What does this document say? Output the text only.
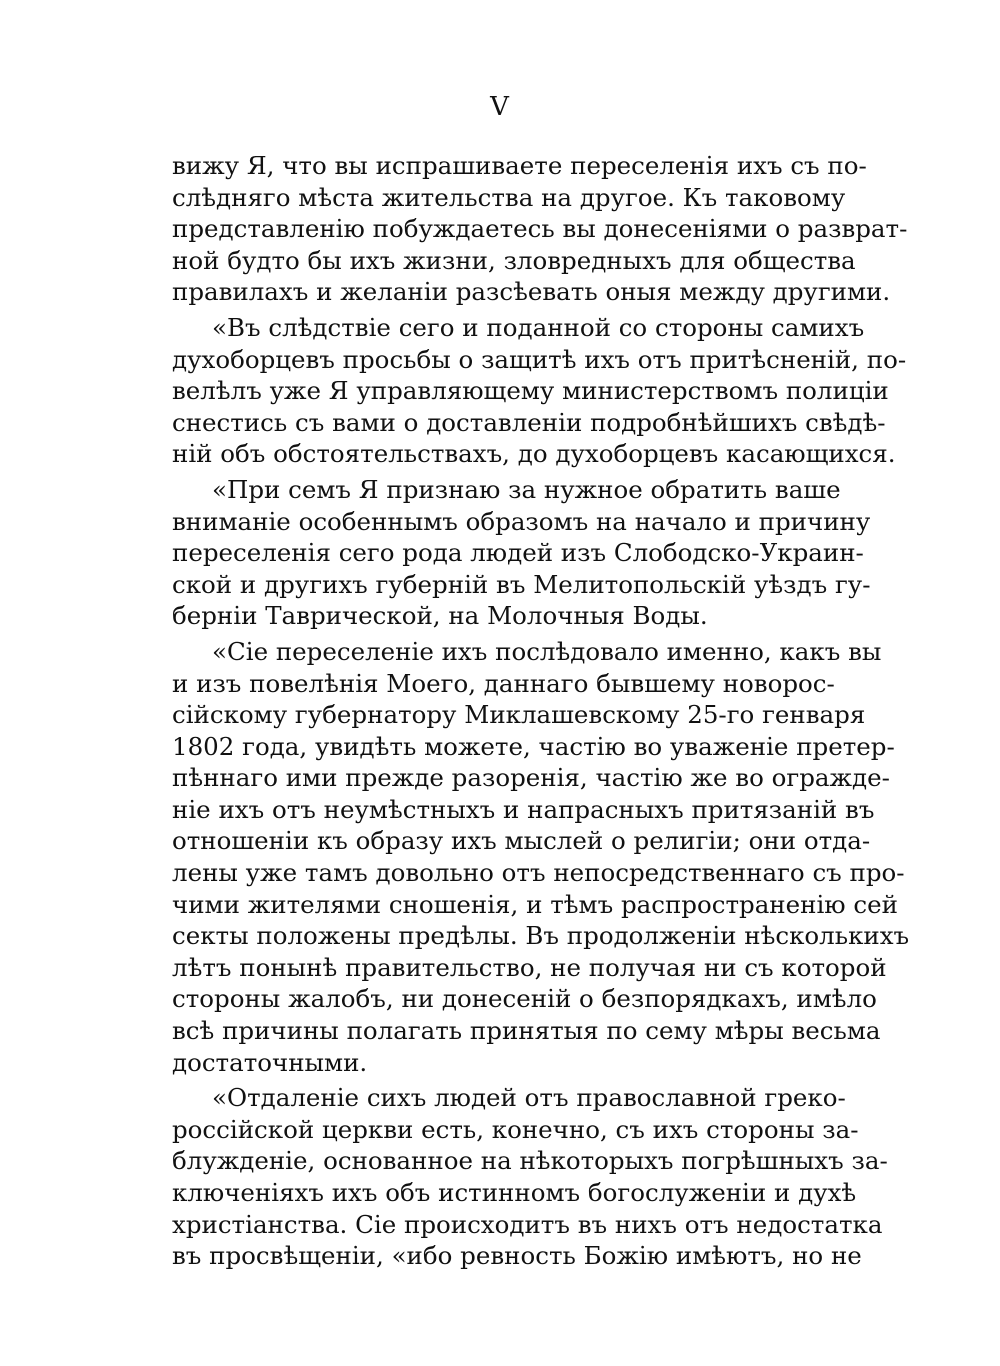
V
вижу Я, что вы испрашиваете переселенія ихъ съ по-
слѣдняго мѣста жительства на другое. Къ таковому
представленію побуждаетесь вы донесеніями о разврат-
ной будто бы ихъ жизни, зловредныхъ для общества
правилахъ и желаніи разсѣевать оныя между другими.
«Въ слѣдствіе сего и поданной со стороны самихъ
духоборцевъ просьбы о защитѣ ихъ отъ притѣсненій, по-
велѣлъ уже Я управляющему министерствомъ полиціи
снестись съ вами о доставленіи подробнѣйшихъ свѣдѣ-
ній объ обстоятельствахъ, до духоборцевъ касающихся.
«При семъ Я признаю за нужное обратить ваше
вниманіе особеннымъ образомъ на начало и причину
переселенія сего рода людей изъ Слободско-Украин-
ской и другихъ губерній въ Мелитопольскій уѣздъ гу-
берніи Таврической, на Молочныя Воды.
«Сіе переселеніе ихъ послѣдовало именно, какъ вы
и изъ повелѣнія Моего, даннаго бывшему новорос-
сійскому губернатору Миклашевскому 25-го генваря
1802 года, увидѣть можете, частію во уваженіе претер-
пѣннаго ими прежде разоренія, частію же во огражде-
ніе ихъ отъ неумѣстныхъ и напрасныхъ притязаній въ
отношеніи къ образу ихъ мыслей о религіи; они отда-
лены уже тамъ довольно отъ непосредственнаго съ про-
чими жителями сношенія, и тѣмъ распространенію сей
секты положены предѣлы. Въ продолженіи нѣсколькихъ
лѣтъ понынѣ правительство, не получая ни съ которой
стороны жалобъ, ни донесеній о безпорядкахъ, имѣло
всѣ причины полагать принятыя по сему мѣры весьма
достаточными.
«Отдаленіе сихъ людей отъ православной греко-
россійской церкви есть, конечно, съ ихъ стороны за-
блужденіе, основанное на нѣкоторыхъ погрѣшныхъ за-
ключеніяхъ ихъ объ истинномъ богослуженіи и духѣ
христіанства. Сіе происходитъ въ нихъ отъ недостатка
въ просвѣщеніи, «ибо ревность Божію имѣютъ, но не
